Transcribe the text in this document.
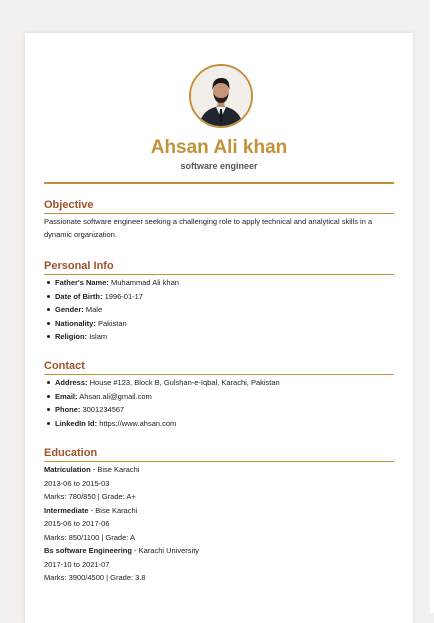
Ahsan Ali khan
software engineer
Objective

Passionate software engineer seeking a challenging role to apply technical and analytical skills in a dynamic organization.

Personal Info
Father's Name: Muhammad Ali khan
Date of Birth: 1996-01-17
Gender: Male
Nationality: Pakistan
Religion: Islam
Contact
Address: House #123, Block B, Gulshan-e-Iqbal, Karachi, Pakistan
Email: Ahsan.ali@gmail.com
Phone: 3001234567
LinkedIn Id: https://www.ahsan.com
Education
Matriculation - Bise Karachi
2013-06 to 2015-03
Marks: 780/850 | Grade: A+
Intermediate - Bise Karachi
2015-06 to 2017-06
Marks: 850/1100 | Grade: A
Bs software Engineering - Karachi University
2017-10 to 2021-07
Marks: 3900/4500 | Grade: 3.8
